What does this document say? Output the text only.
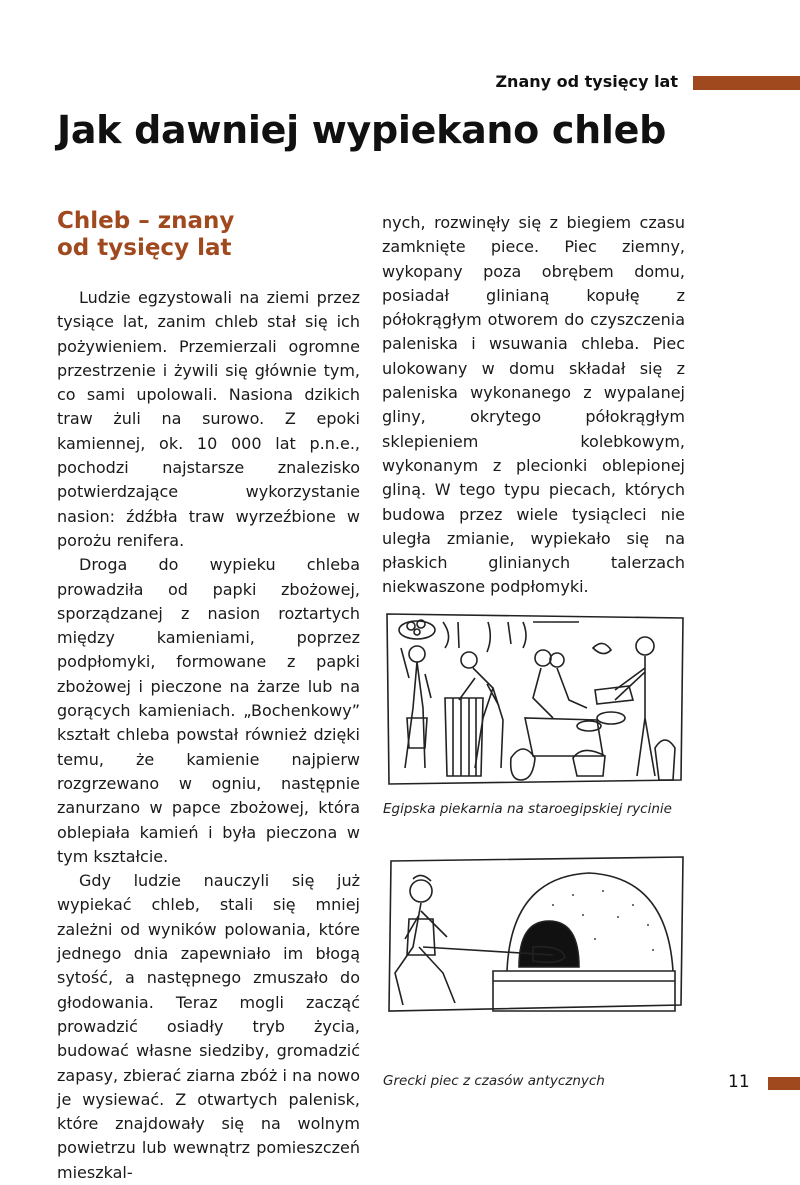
Znany od tysięcy lat
Jak dawniej wypiekano chleb
Chleb – znany
od tysięcy lat

Ludzie egzystowali na ziemi przez tysiące lat, zanim chleb stał się ich pożywieniem. Przemierzali ogromne przestrzenie i żywili się głównie tym, co sami upolowali. Nasiona dzikich traw żuli na surowo. Z epoki kamiennej, ok. 10 000 lat p.n.e., pochodzi najstarsze znalezisko potwierdzające wykorzystanie nasion: źdźbła traw wyrzeźbione w porożu renifera.

Droga do wypieku chleba prowadziła od papki zbożowej, sporządzanej z nasion roztartych między kamieniami, poprzez podpłomyki, formowane z papki zbożowej i pieczone na żarze lub na gorących kamieniach. „Bochenkowy” kształt chleba powstał również dzięki temu, że kamienie najpierw rozgrzewano w ogniu, następnie zanurzano w papce zbożowej, która oblepiała kamień i była pieczona w tym kształcie.

Gdy ludzie nauczyli się już wypiekać chleb, stali się mniej zależni od wyników polowania, które jednego dnia zapewniało im błogą sytość, a następnego zmuszało do głodowania. Teraz mogli zacząć prowadzić osiadły tryb życia, budować własne siedziby, gromadzić zapasy, zbierać ziarna zbóż i na nowo je wysiewać. Z otwartych palenisk, które znajdowały się na wolnym powietrzu lub wewnątrz pomieszczeń mieszkal-

nych, rozwinęły się z biegiem czasu zamknięte piece. Piec ziemny, wykopany poza obrębem domu, posiadał glinianą kopułę z półokrągłym otworem do czyszczenia paleniska i wsuwania chleba. Piec ulokowany w domu składał się z paleniska wykonanego z wypalanej gliny, okrytego półokrągłym sklepieniem kolebkowym, wykonanym z plecionki oblepionej gliną. W tego typu piecach, których budowa przez wiele tysiącleci nie uległa zmianie, wypiekało się na płaskich glinianych talerzach niekwaszone podpłomyki.

Egipska piekarnia na staroegipskiej rycinie
Grecki piec z czasów antycznych	11
